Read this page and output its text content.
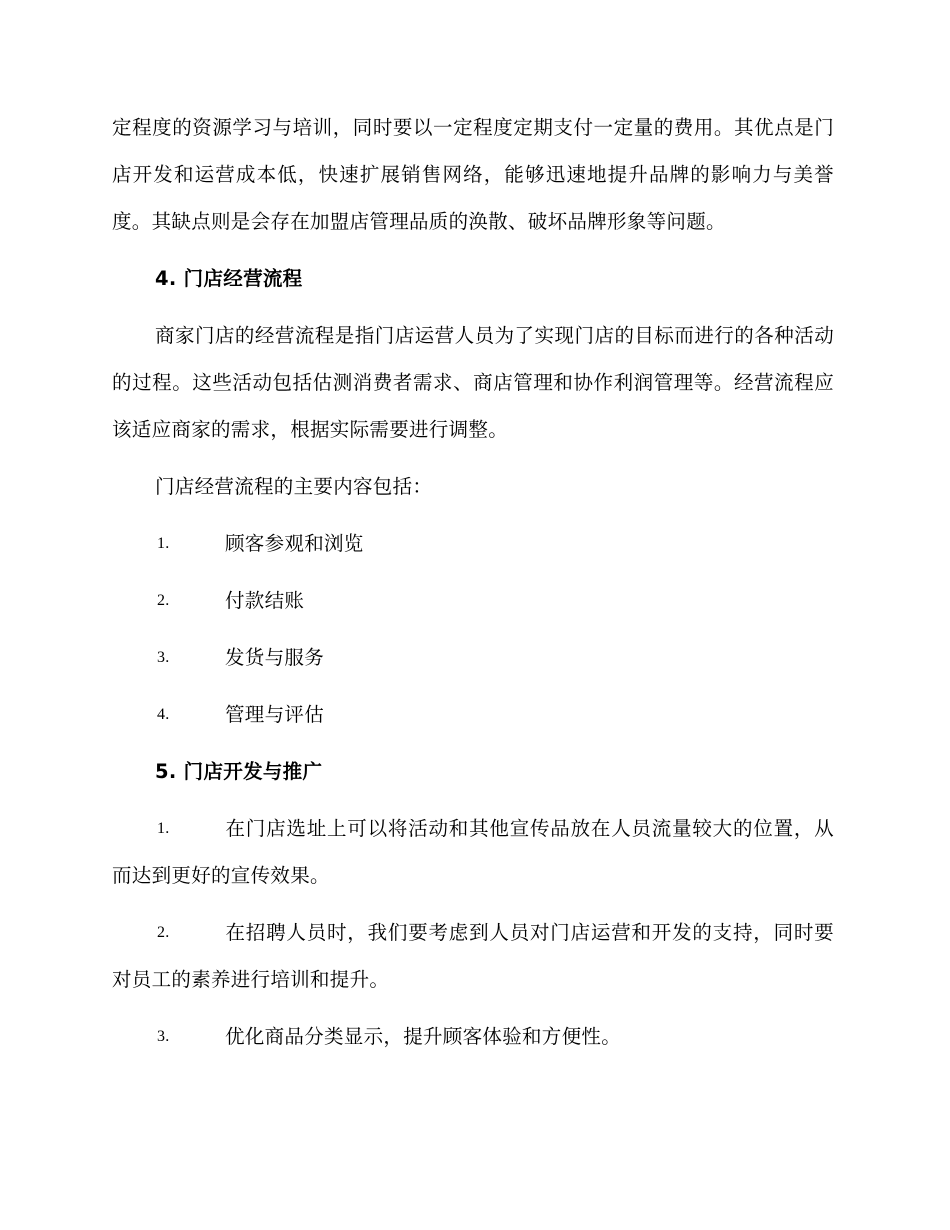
定程度的资源学习与培训，同时要以一定程度定期支付一定量的费用。其优点是门店开发和运营成本低，快速扩展销售网络，能够迅速地提升品牌的影响力与美誉度。其缺点则是会存在加盟店管理品质的涣散、破坏品牌形象等问题。

4. 门店经营流程

商家门店的经营流程是指门店运营人员为了实现门店的目标而进行的各种活动的过程。这些活动包括估测消费者需求、商店管理和协作利润管理等。经营流程应该适应商家的需求，根据实际需要进行调整。

门店经营流程的主要内容包括：

1.	顾客参观和浏览
2.	付款结账
3.	发货与服务
4.	管理与评估
5. 门店开发与推广
1.	在门店选址上可以将活动和其他宣传品放在人员流量较大的位置，从而达到更好的宣传效果。
2.	在招聘人员时，我们要考虑到人员对门店运营和开发的支持，同时要对员工的素养进行培训和提升。
3.	优化商品分类显示，提升顾客体验和方便性。
